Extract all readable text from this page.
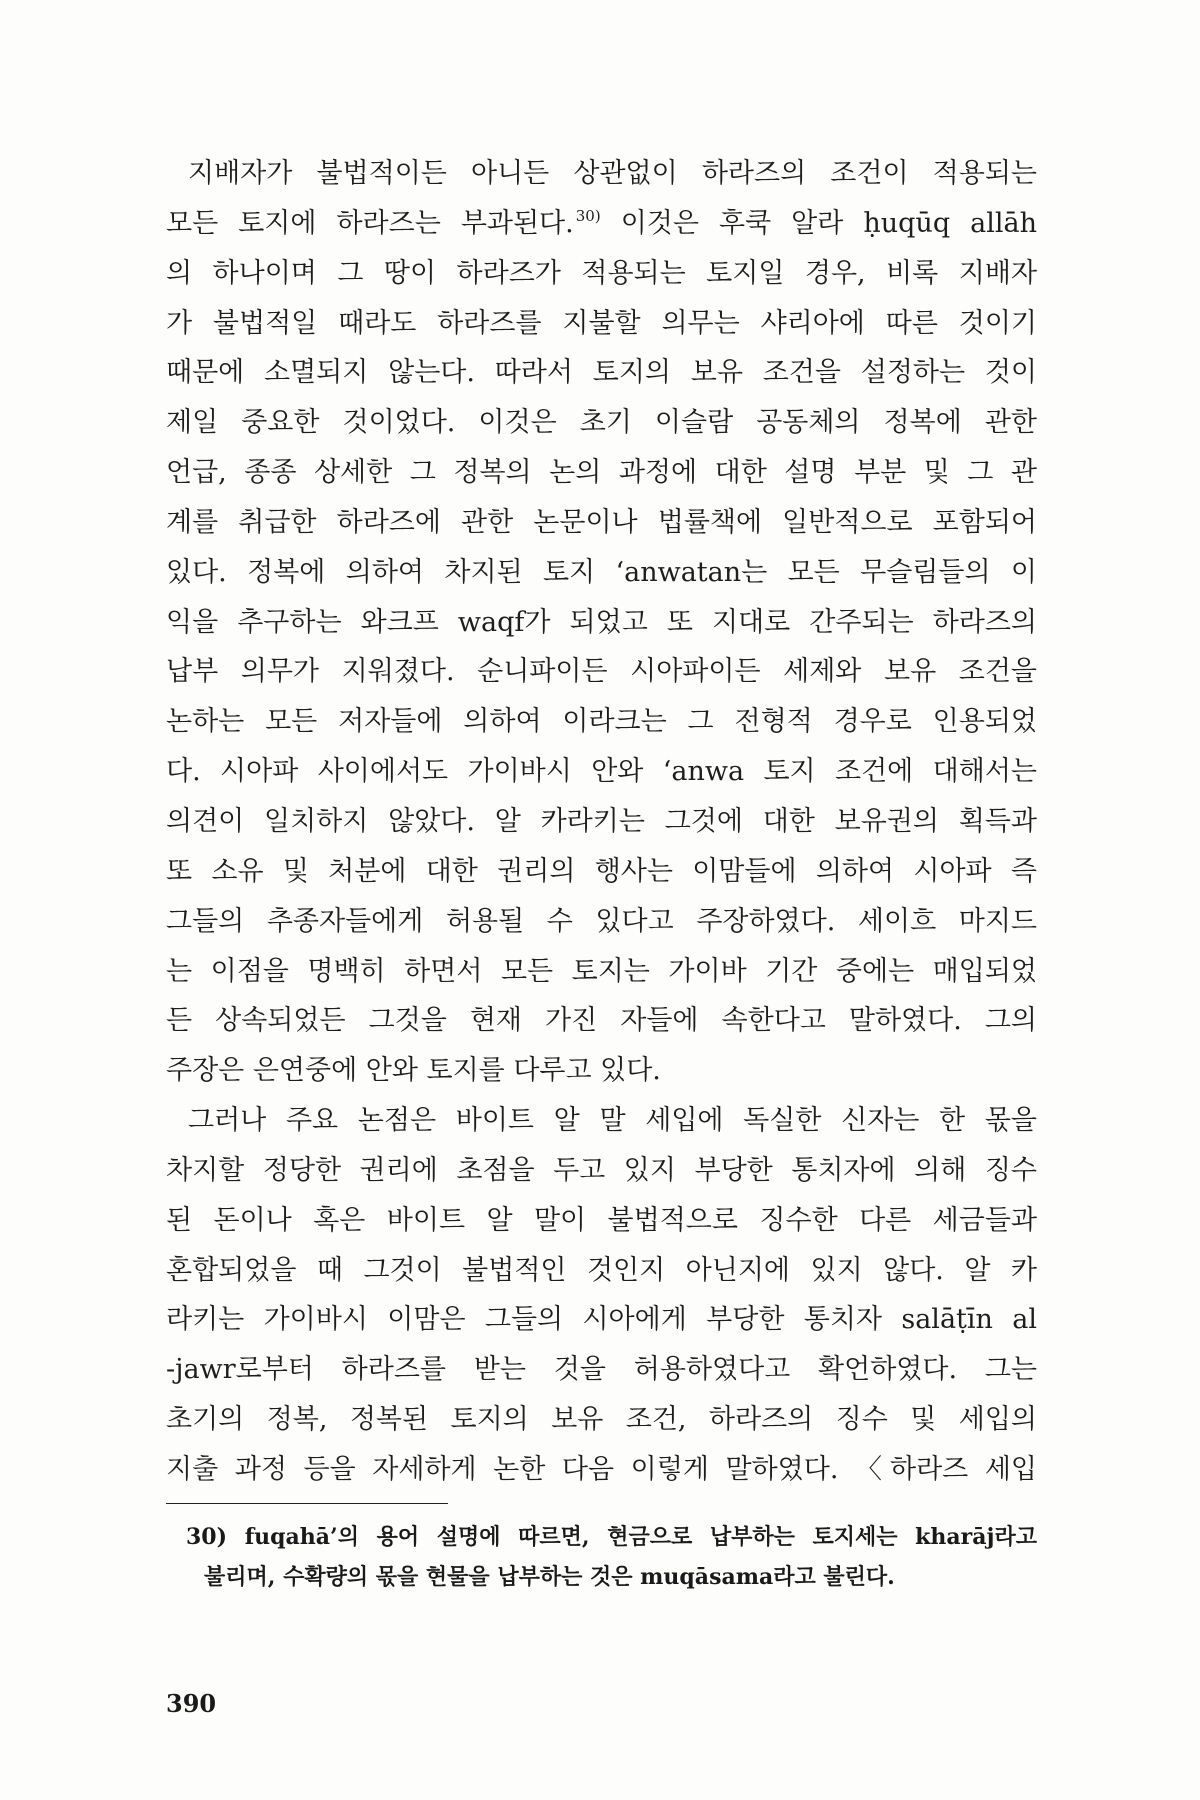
지배자가 불법적이든 아니든 상관없이 하라즈의 조건이 적용되는
모든 토지에 하라즈는 부과된다. $^{30)}$ 이것은 후쿡 알라 ḥuqūq allāh
의 하나이며 그 땅이 하라즈가 적용되는 토지일 경우, 비록 지배자
가 불법적일 때라도 하라즈를 지불할 의무는 샤리아에 따른 것이기
때문에 소멸되지 않는다. 따라서 토지의 보유 조건을 설정하는 것이
제일 중요한 것이었다. 이것은 초기 이슬람 공동체의 정복에 관한
언급, 종종 상세한 그 정복의 논의 과정에 대한 설명 부분 및 그 관
계를 취급한 하라즈에 관한 논문이나 법률책에 일반적으로 포함되어
있다. 정복에 의하여 차지된 토지 ‘anwatan는 모든 무슬림들의 이
익을 추구하는 와크프 waqf가 되었고 또 지대로 간주되는 하라즈의
납부 의무가 지워졌다. 순니파이든 시아파이든 세제와 보유 조건을
논하는 모든 저자들에 의하여 이라크는 그 전형적 경우로 인용되었
다. 시아파 사이에서도 가이바시 안와 ‘anwa 토지 조건에 대해서는
의견이 일치하지 않았다. 알 카라키는 그것에 대한 보유권의 획득과
또 소유 및 처분에 대한 권리의 행사는 이맘들에 의하여 시아파 즉
그들의 추종자들에게 허용될 수 있다고 주장하였다. 세이흐 마지드
는 이점을 명백히 하면서 모든 토지는 가이바 기간 중에는 매입되었
든 상속되었든 그것을 현재 가진 자들에 속한다고 말하였다. 그의
주장은 은연중에 안와 토지를 다루고 있다.
그러나 주요 논점은 바이트 알 말 세입에 독실한 신자는 한 몫을
차지할 정당한 권리에 초점을 두고 있지 부당한 통치자에 의해 징수
된 돈이나 혹은 바이트 알 말이 불법적으로 징수한 다른 세금들과
혼합되었을 때 그것이 불법적인 것인지 아닌지에 있지 않다. 알 카
라키는 가이바시 이맘은 그들의 시아에게 부당한 통치자 salāṭīn al
-jawr로부터 하라즈를 받는 것을 허용하였다고 확언하였다. 그는
초기의 정복, 정복된 토지의 보유 조건, 하라즈의 징수 및 세입의
지출 과정 등을 자세하게 논한 다음 이렇게 말하였다. 〈하라즈 세입
30) fuqahā’의 용어 설명에 따르면, 현금으로 납부하는 토지세는 kharāj라고
불리며, 수확량의 몫을 현물을 납부하는 것은 muqāsama라고 불린다.
390
